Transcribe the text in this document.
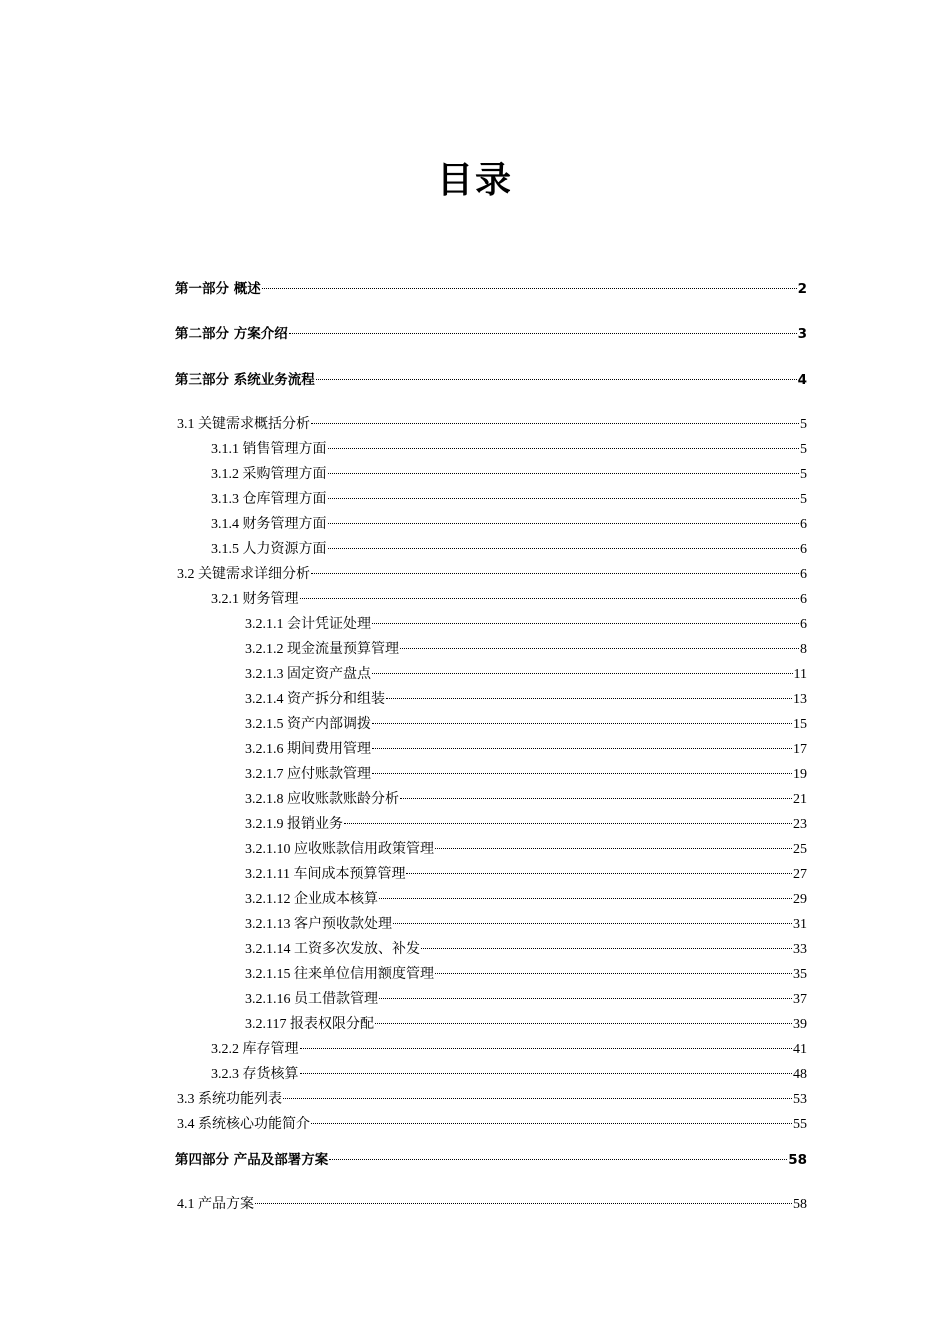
目录
第一部分 概述	2
第二部分 方案介绍	3
第三部分 系统业务流程	4
3.1 关键需求概括分析	5
3.1.1 销售管理方面	5
3.1.2 采购管理方面	5
3.1.3 仓库管理方面	5
3.1.4 财务管理方面	6
3.1.5 人力资源方面	6
3.2 关键需求详细分析	6
3.2.1 财务管理	6
3.2.1.1 会计凭证处理	6
3.2.1.2 现金流量预算管理	8
3.2.1.3 固定资产盘点	11
3.2.1.4 资产拆分和组装	13
3.2.1.5 资产内部调拨	15
3.2.1.6 期间费用管理	17
3.2.1.7 应付账款管理	19
3.2.1.8 应收账款账龄分析	21
3.2.1.9 报销业务	23
3.2.1.10 应收账款信用政策管理	25
3.2.1.11 车间成本预算管理	27
3.2.1.12 企业成本核算	29
3.2.1.13 客户预收款处理	31
3.2.1.14 工资多次发放、补发	33
3.2.1.15 往来单位信用额度管理	35
3.2.1.16 员工借款管理	37
3.2.117 报表权限分配	39
3.2.2 库存管理	41
3.2.3 存货核算	48
3.3 系统功能列表	53
3.4 系统核心功能简介	55
第四部分 产品及部署方案	58
4.1 产品方案	58
